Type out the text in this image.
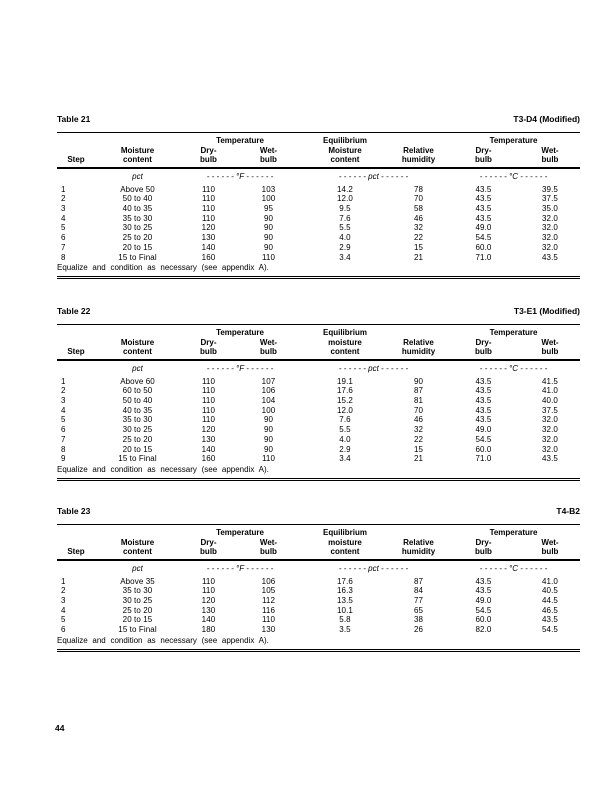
Table 21	T3-D4 (Modified)
		Temperature		Equilibrium		Temperature	
	Moisture	Dry-	Wet-	Moisture	Relative	Dry-	Wet-
Step	content	bulb	bulb	content	humidity	bulb	bulb
	pct	- - - - - - °F - - - - - -		- - - - - - pct - - - - - -		- - - - - - °C - - - - - -	
1	Above 50	110	103	14.2	78	43.5	39.5
2	50 to 40	110	100	12.0	70	43.5	37.5
3	40 to 35	110	95	9.5	58	43.5	35.0
4	35 to 30	110	90	7.6	46	43.5	32.0
5	30 to 25	120	90	5.5	32	49.0	32.0
6	25 to 20	130	90	4.0	22	54.5	32.0
7	20 to 15	140	90	2.9	15	60.0	32.0
8	15 to Final	160	110	3.4	21	71.0	43.5
Equalize and condition as necessary (see appendix A).							
Table 22	T3-E1 (Modified)
		Temperature		Equilibrium		Temperature	
	Moisture	Dry-	Wet-	moisture	Relative	Dry-	Wet-
Step	content	bulb	bulb	content	humidity	bulb	bulb
	pct	- - - - - - °F - - - - - -		- - - - - - pct - - - - - -		- - - - - - °C - - - - - -	
1	Above 60	110	107	19.1	90	43.5	41.5
2	60 to 50	110	106	17.6	87	43.5	41.0
3	50 to 40	110	104	15.2	81	43.5	40.0
4	40 to 35	110	100	12.0	70	43.5	37.5
5	35 to 30	110	90	7.6	46	43.5	32.0
6	30 to 25	120	90	5.5	32	49.0	32.0
7	25 to 20	130	90	4.0	22	54.5	32.0
8	20 to 15	140	90	2.9	15	60.0	32.0
9	15 to Final	160	110	3.4	21	71.0	43.5
Equalize and condition as necessary (see appendix A).							
Table 23	T4-B2
		Temperature		Equilibrium		Temperature	
	Moisture	Dry-	Wet-	moisture	Relative	Dry-	Wet-
Step	content	bulb	bulb	content	humidity	bulb	bulb
	pct	- - - - - - °F - - - - - -		- - - - - - pct - - - - - -		- - - - - - °C - - - - - -	
1	Above 35	110	106	17.6	87	43.5	41.0
2	35 to 30	110	105	16.3	84	43.5	40.5
3	30 to 25	120	112	13.5	77	49.0	44.5
4	25 to 20	130	116	10.1	65	54.5	46.5
5	20 to 15	140	110	5.8	38	60.0	43.5
6	15 to Final	180	130	3.5	26	82.0	54.5
Equalize and condition as necessary (see appendix A).							
44
